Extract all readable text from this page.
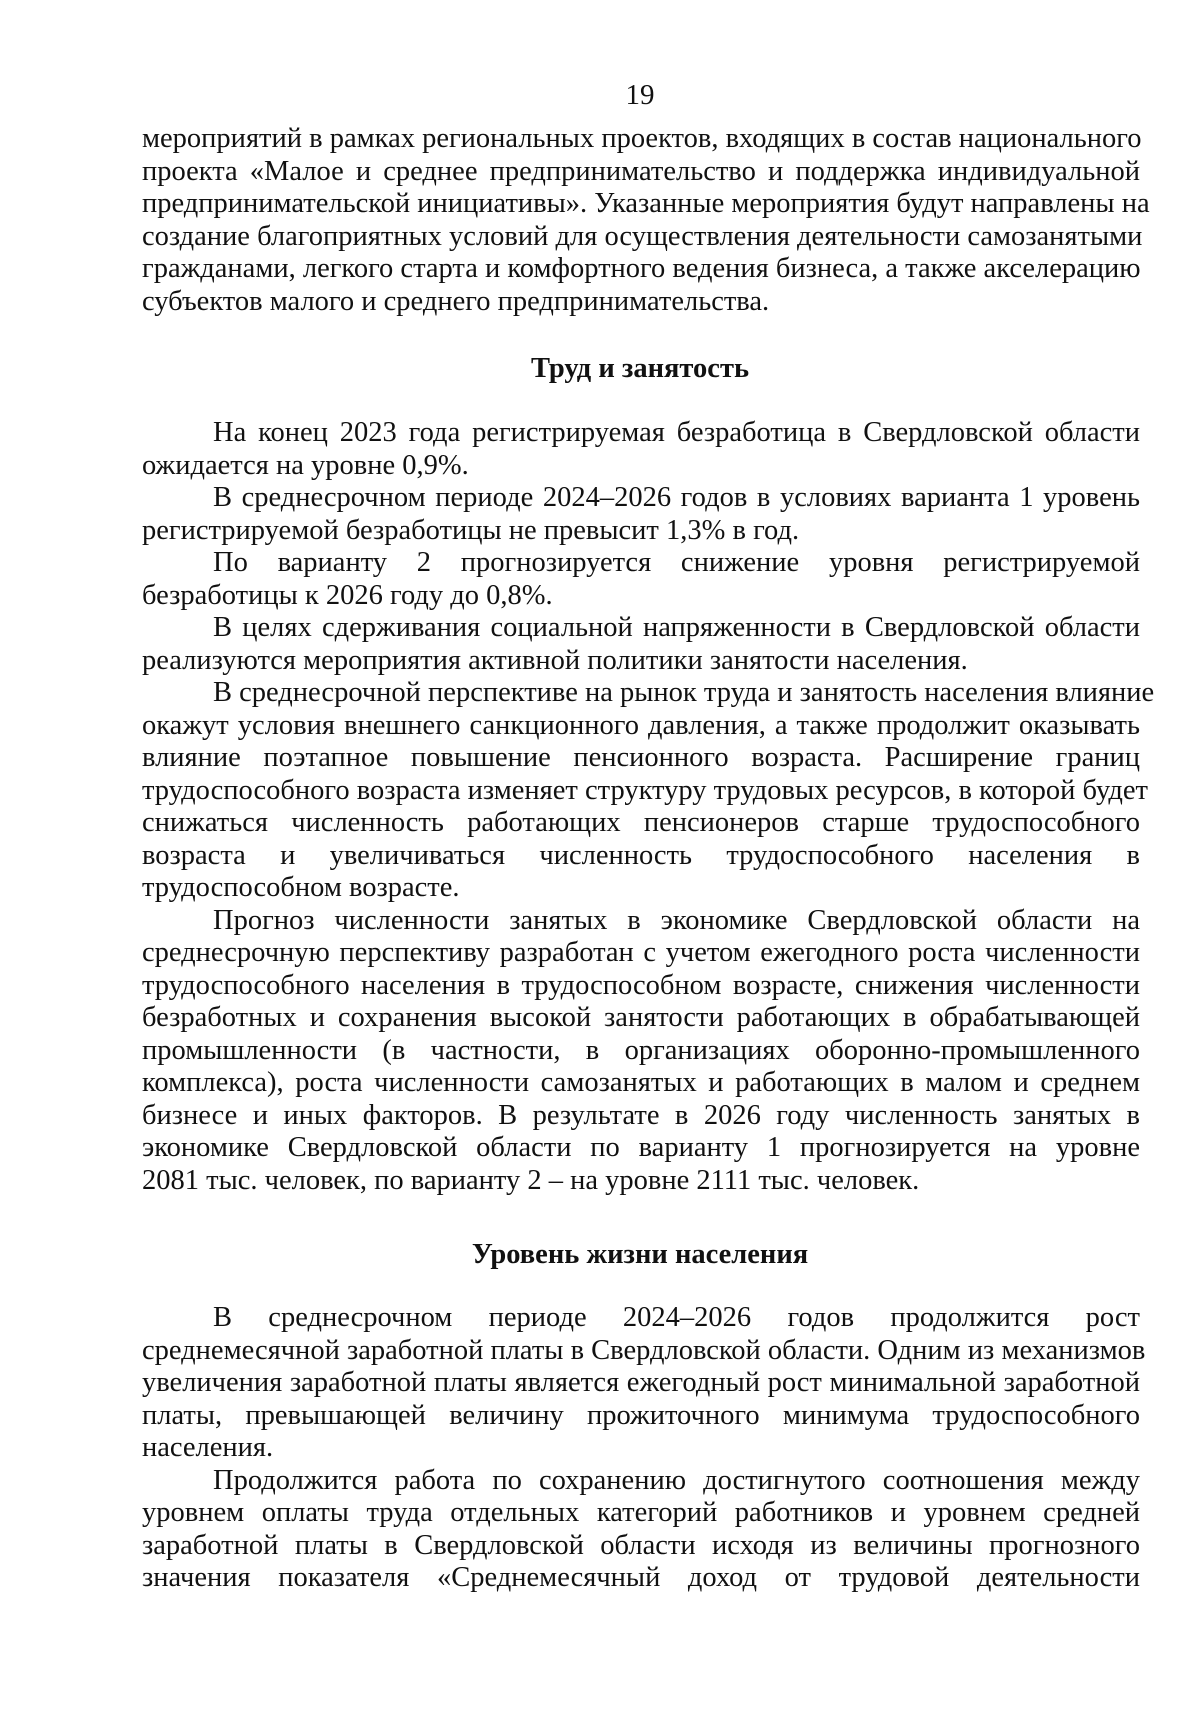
19
мероприятий в рамках региональных проектов, входящих в состав национального
проекта «Малое и среднее предпринимательство и поддержка индивидуальной
предпринимательской инициативы». Указанные мероприятия будут направлены на
создание благоприятных условий для осуществления деятельности самозанятыми
гражданами, легкого старта и комфортного ведения бизнеса, а также акселерацию
субъектов малого и среднего предпринимательства.
Труд и занятость
На конец 2023 года регистрируемая безработица в Свердловской области
ожидается на уровне 0,9%.
В среднесрочном периоде 2024–2026 годов в условиях варианта 1 уровень
регистрируемой безработицы не превысит 1,3% в год.
По варианту 2 прогнозируется снижение уровня регистрируемой
безработицы к 2026 году до 0,8%.
В целях сдерживания социальной напряженности в Свердловской области
реализуются мероприятия активной политики занятости населения.
В среднесрочной перспективе на рынок труда и занятость населения влияние
окажут условия внешнего санкционного давления, а также продолжит оказывать
влияние поэтапное повышение пенсионного возраста. Расширение границ
трудоспособного возраста изменяет структуру трудовых ресурсов, в которой будет
снижаться численность работающих пенсионеров старше трудоспособного
возраста и увеличиваться численность трудоспособного населения в
трудоспособном возрасте.
Прогноз численности занятых в экономике Свердловской области на
среднесрочную перспективу разработан с учетом ежегодного роста численности
трудоспособного населения в трудоспособном возрасте, снижения численности
безработных и сохранения высокой занятости работающих в обрабатывающей
промышленности (в частности, в организациях оборонно-промышленного
комплекса), роста численности самозанятых и работающих в малом и среднем
бизнесе и иных факторов. В результате в 2026 году численность занятых в
экономике Свердловской области по варианту 1 прогнозируется на уровне
2081 тыс. человек, по варианту 2 – на уровне 2111 тыс. человек.
Уровень жизни населения
В среднесрочном периоде 2024–2026 годов продолжится рост
среднемесячной заработной платы в Свердловской области. Одним из механизмов
увеличения заработной платы является ежегодный рост минимальной заработной
платы, превышающей величину прожиточного минимума трудоспособного
населения.
Продолжится работа по сохранению достигнутого соотношения между
уровнем оплаты труда отдельных категорий работников и уровнем средней
заработной платы в Свердловской области исходя из величины прогнозного
значения показателя «Среднемесячный доход от трудовой деятельности
